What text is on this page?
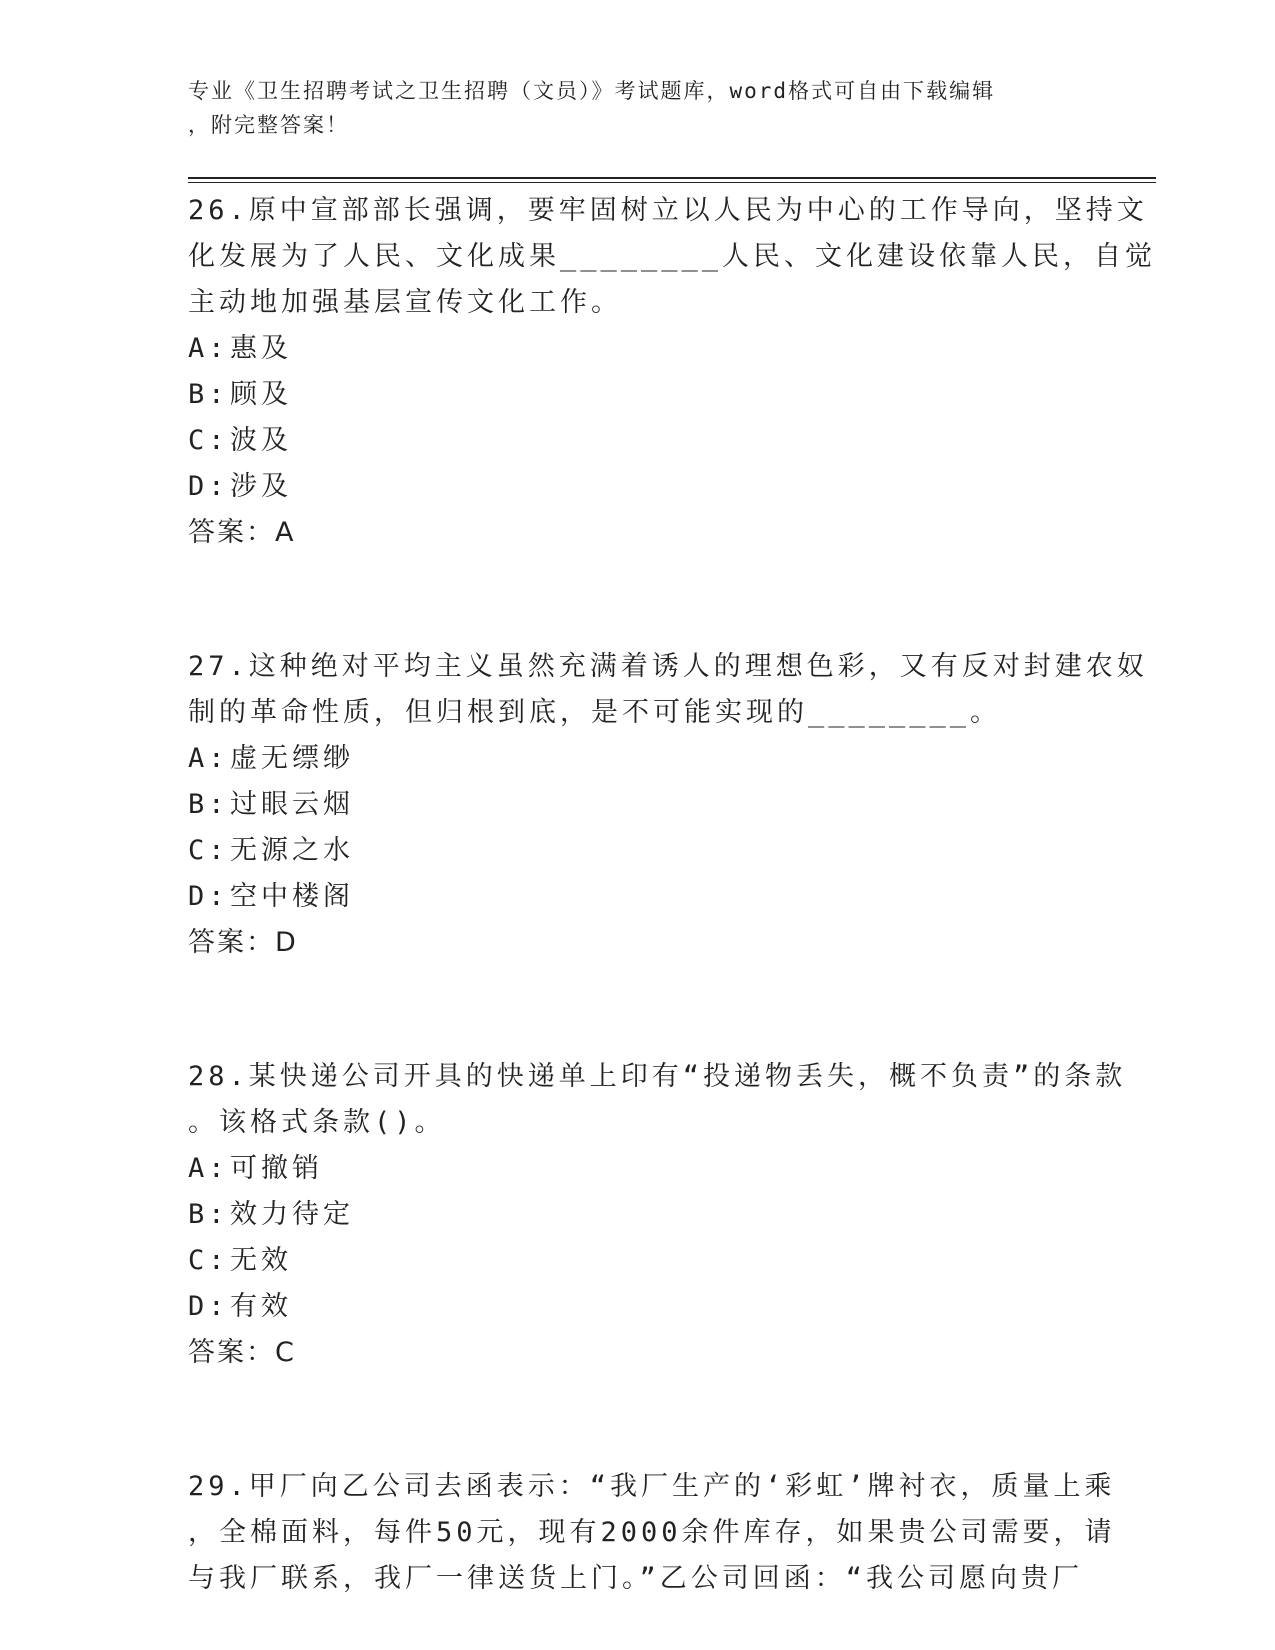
专业《卫生招聘考试之卫生招聘（文员）》考试题库，word格式可自由下载编辑
，附完整答案！
26.原中宣部部长强调，要牢固树立以人民为中心的工作导向，坚持文
化发展为了人民、文化成果________人民、文化建设依靠人民，自觉
主动地加强基层宣传文化工作。
A:惠及
B:顾及
C:波及
D:涉及
答案：A
27.这种绝对平均主义虽然充满着诱人的理想色彩，又有反对封建农奴
制的革命性质，但归根到底，是不可能实现的________。
A:虚无缥缈
B:过眼云烟
C:无源之水
D:空中楼阁
答案：D
28.某快递公司开具的快递单上印有“投递物丢失，概不负责”的条款
。该格式条款()。
A:可撤销
B:效力待定
C:无效
D:有效
答案：C
29.甲厂向乙公司去函表示：“我厂生产的‘彩虹’牌衬衣，质量上乘
，全棉面料，每件50元，现有2000余件库存，如果贵公司需要，请
与我厂联系，我厂一律送货上门。”乙公司回函：“我公司愿向贵厂
